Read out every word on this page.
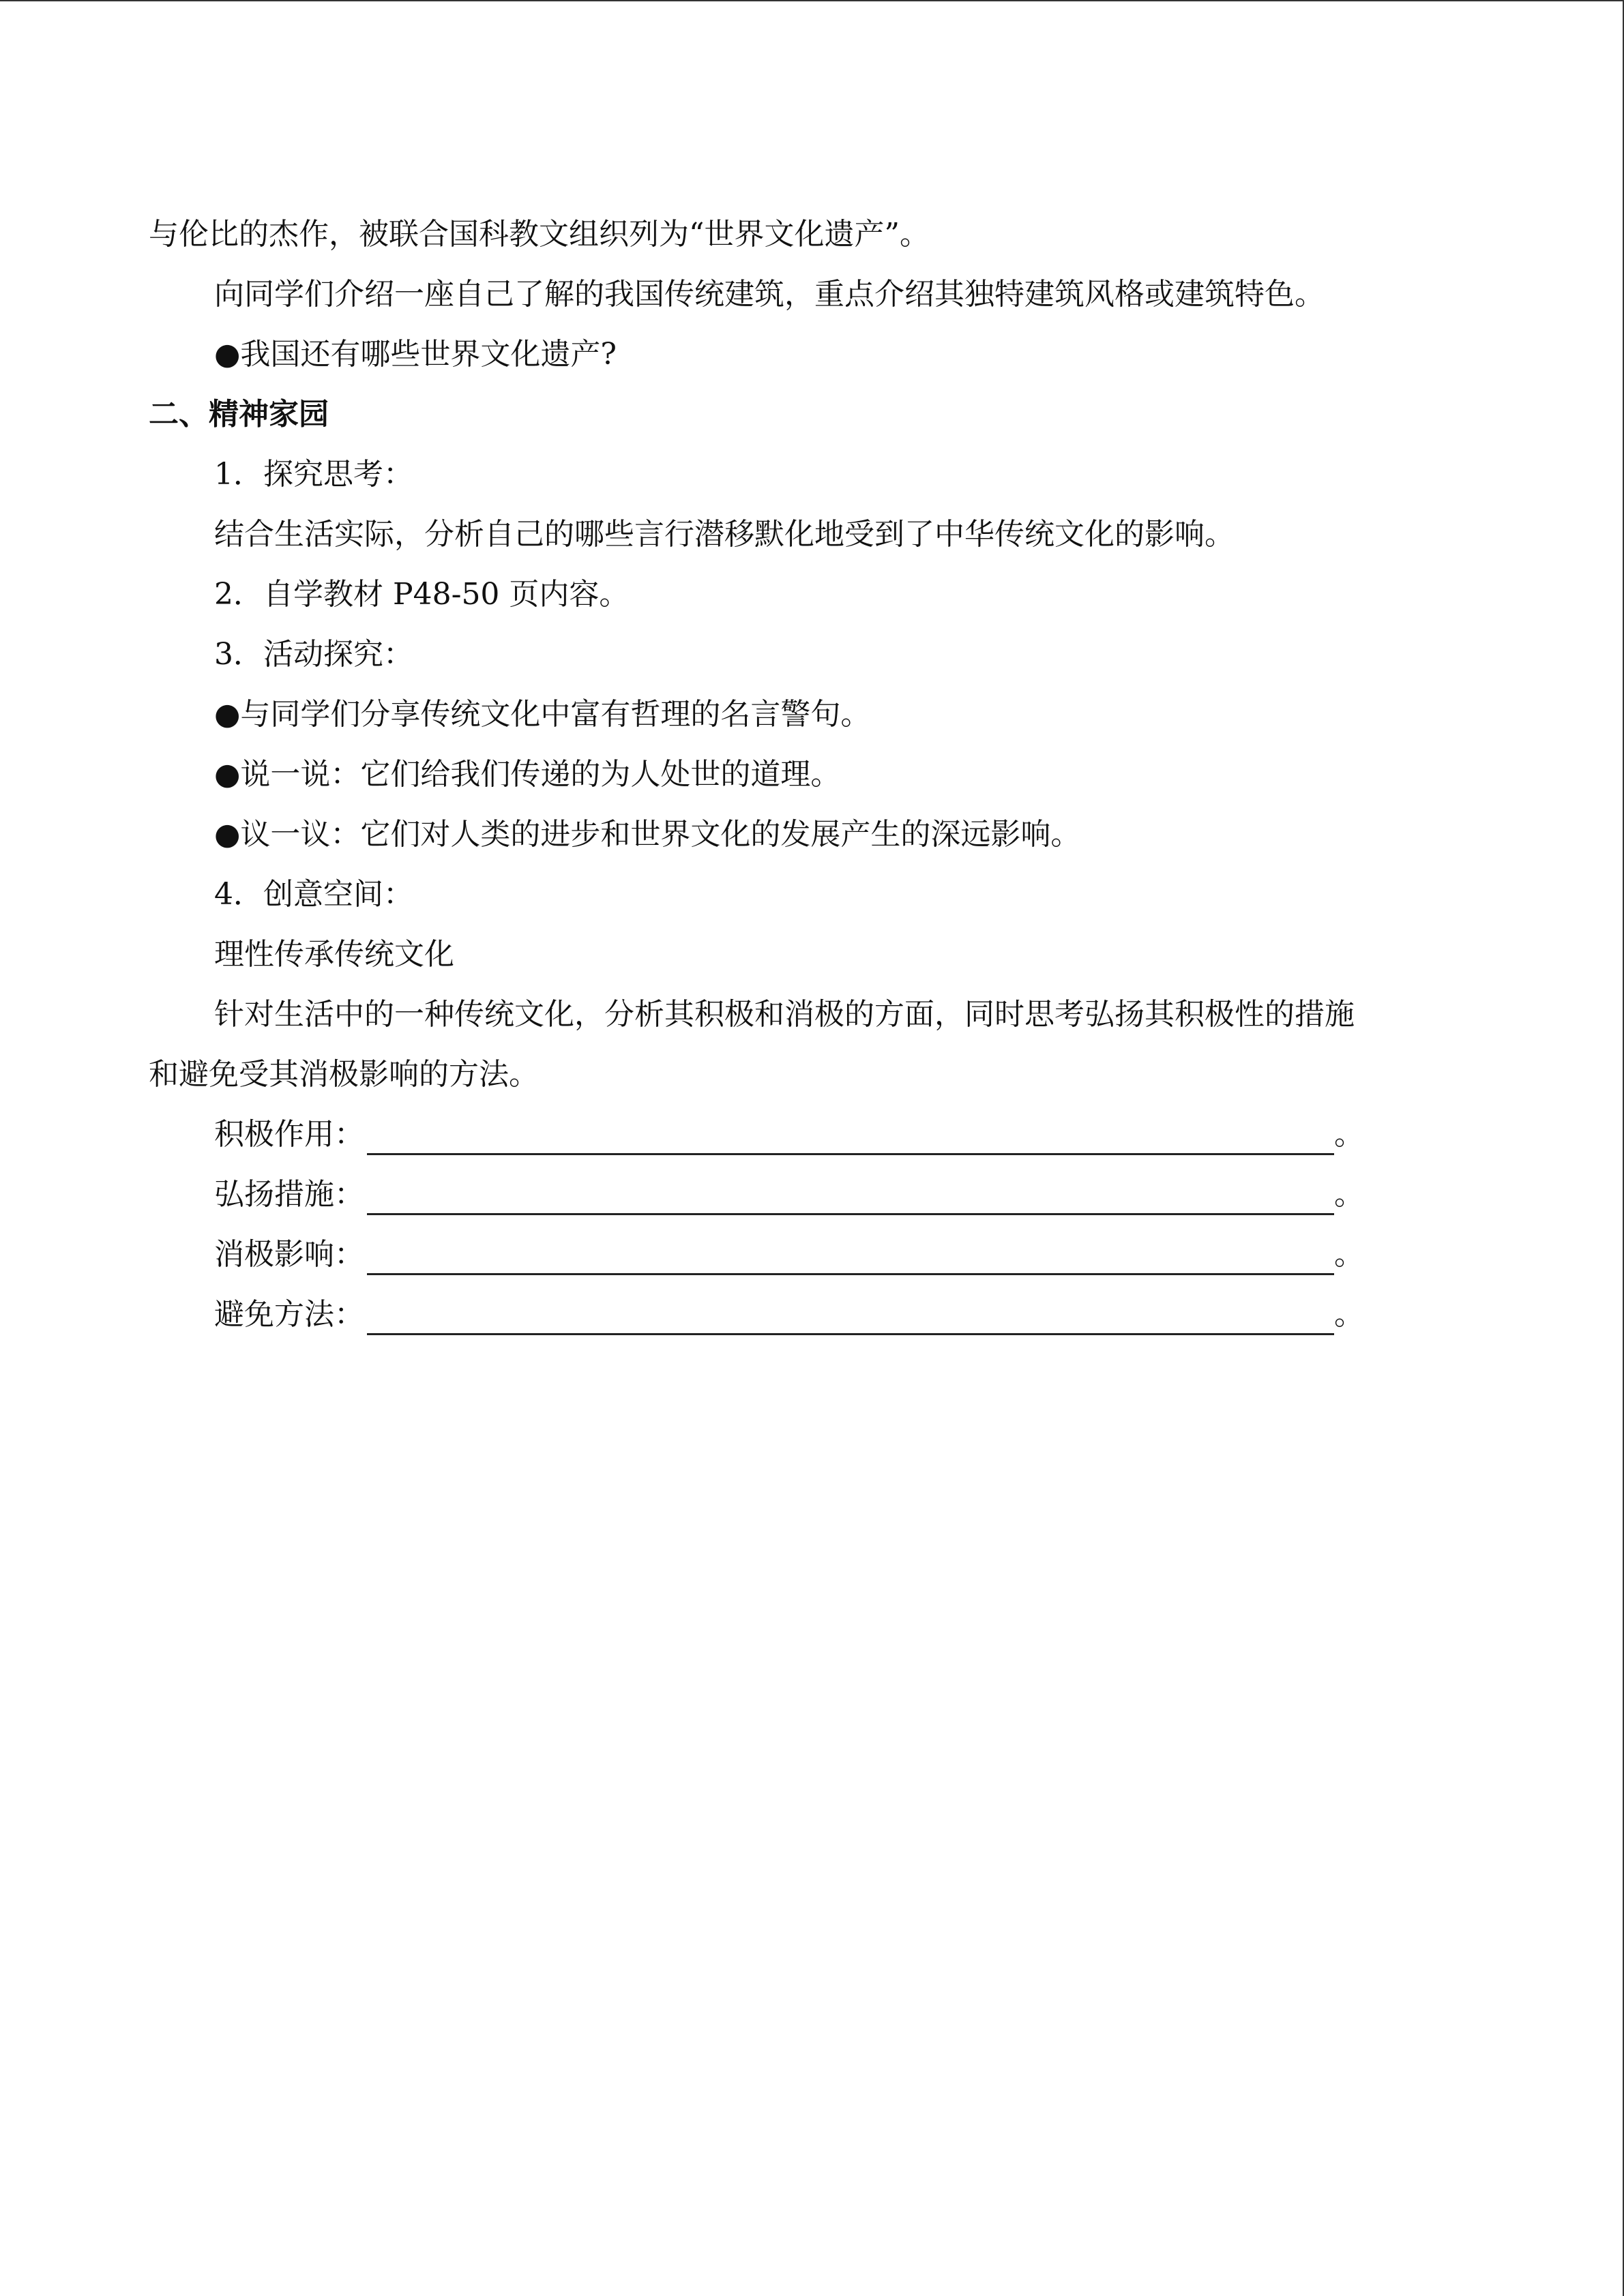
与伦比的杰作，被联合国科教文组织列为“世界文化遗产”。
向同学们介绍一座自己了解的我国传统建筑，重点介绍其独特建筑风格或建筑特色。
●我国还有哪些世界文化遗产?
二、精神家园
1．探究思考：
结合生活实际，分析自己的哪些言行潜移默化地受到了中华传统文化的影响。
2．自学教材 P48-50 页内容。
3．活动探究：
●与同学们分享传统文化中富有哲理的名言警句。
●说一说：它们给我们传递的为人处世的道理。
●议一议：它们对人类的进步和世界文化的发展产生的深远影响。
4．创意空间：
理性传承传统文化
针对生活中的一种传统文化，分析其积极和消极的方面，同时思考弘扬其积极性的措施
和避免受其消极影响的方法。
积极作用：	。
弘扬措施：	。
消极影响：	。
避免方法：	。
